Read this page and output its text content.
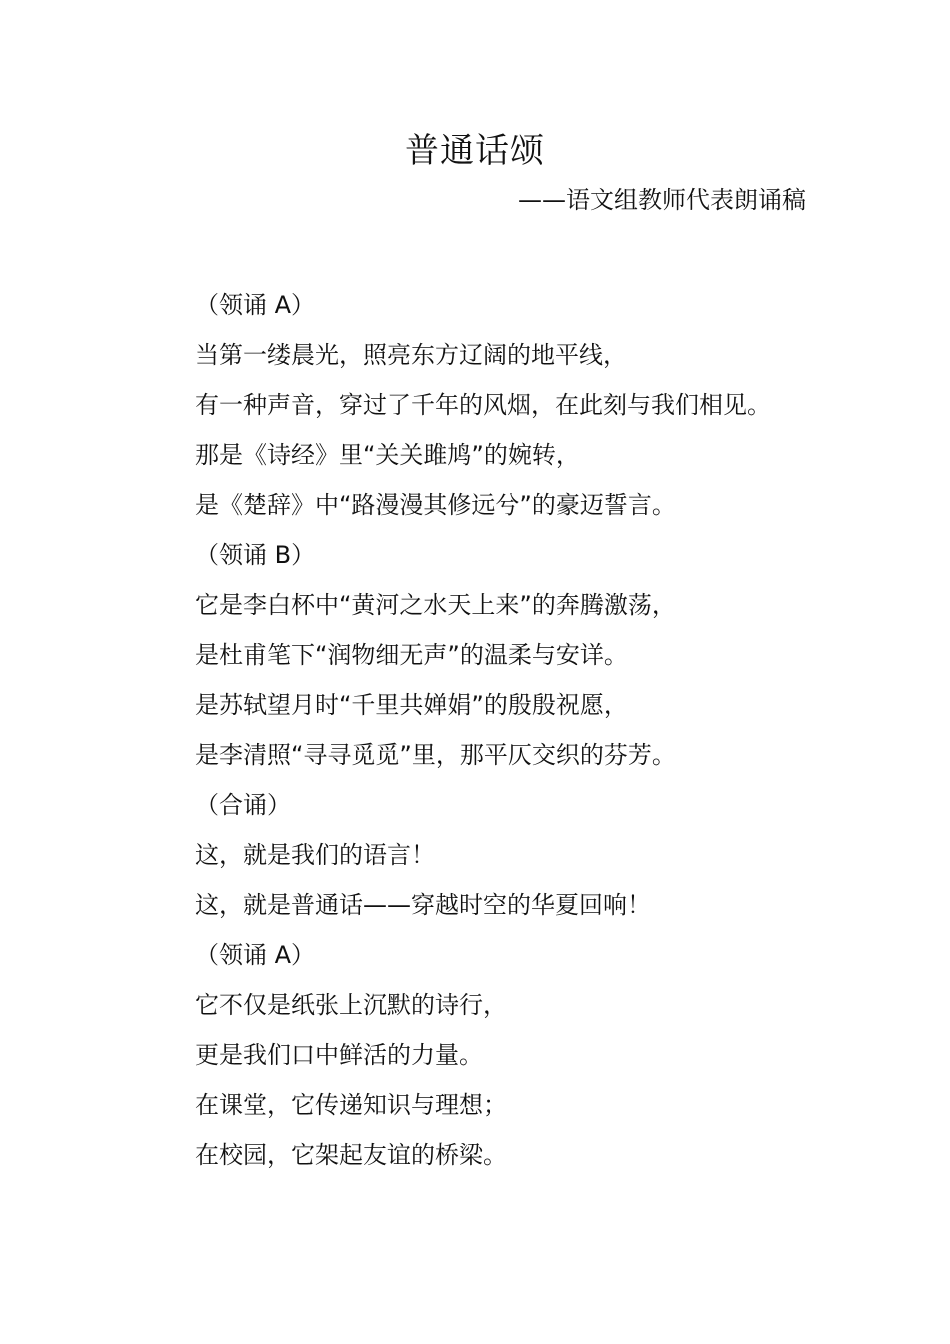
普通话颂
——语文组教师代表朗诵稿

（领诵 A）

当第一缕晨光，照亮东方辽阔的地平线，

有一种声音，穿过了千年的风烟，在此刻与我们相见。

那是《诗经》里“关关雎鸠”的婉转，

是《楚辞》中“路漫漫其修远兮”的豪迈誓言。

（领诵 B）

它是李白杯中“黄河之水天上来”的奔腾激荡，

是杜甫笔下“润物细无声”的温柔与安详。

是苏轼望月时“千里共婵娟”的殷殷祝愿，

是李清照“寻寻觅觅”里，那平仄交织的芬芳。

（合诵）

这，就是我们的语言！

这，就是普通话——穿越时空的华夏回响！

（领诵 A）

它不仅是纸张上沉默的诗行，

更是我们口中鲜活的力量。

在课堂，它传递知识与理想；

在校园，它架起友谊的桥梁。
